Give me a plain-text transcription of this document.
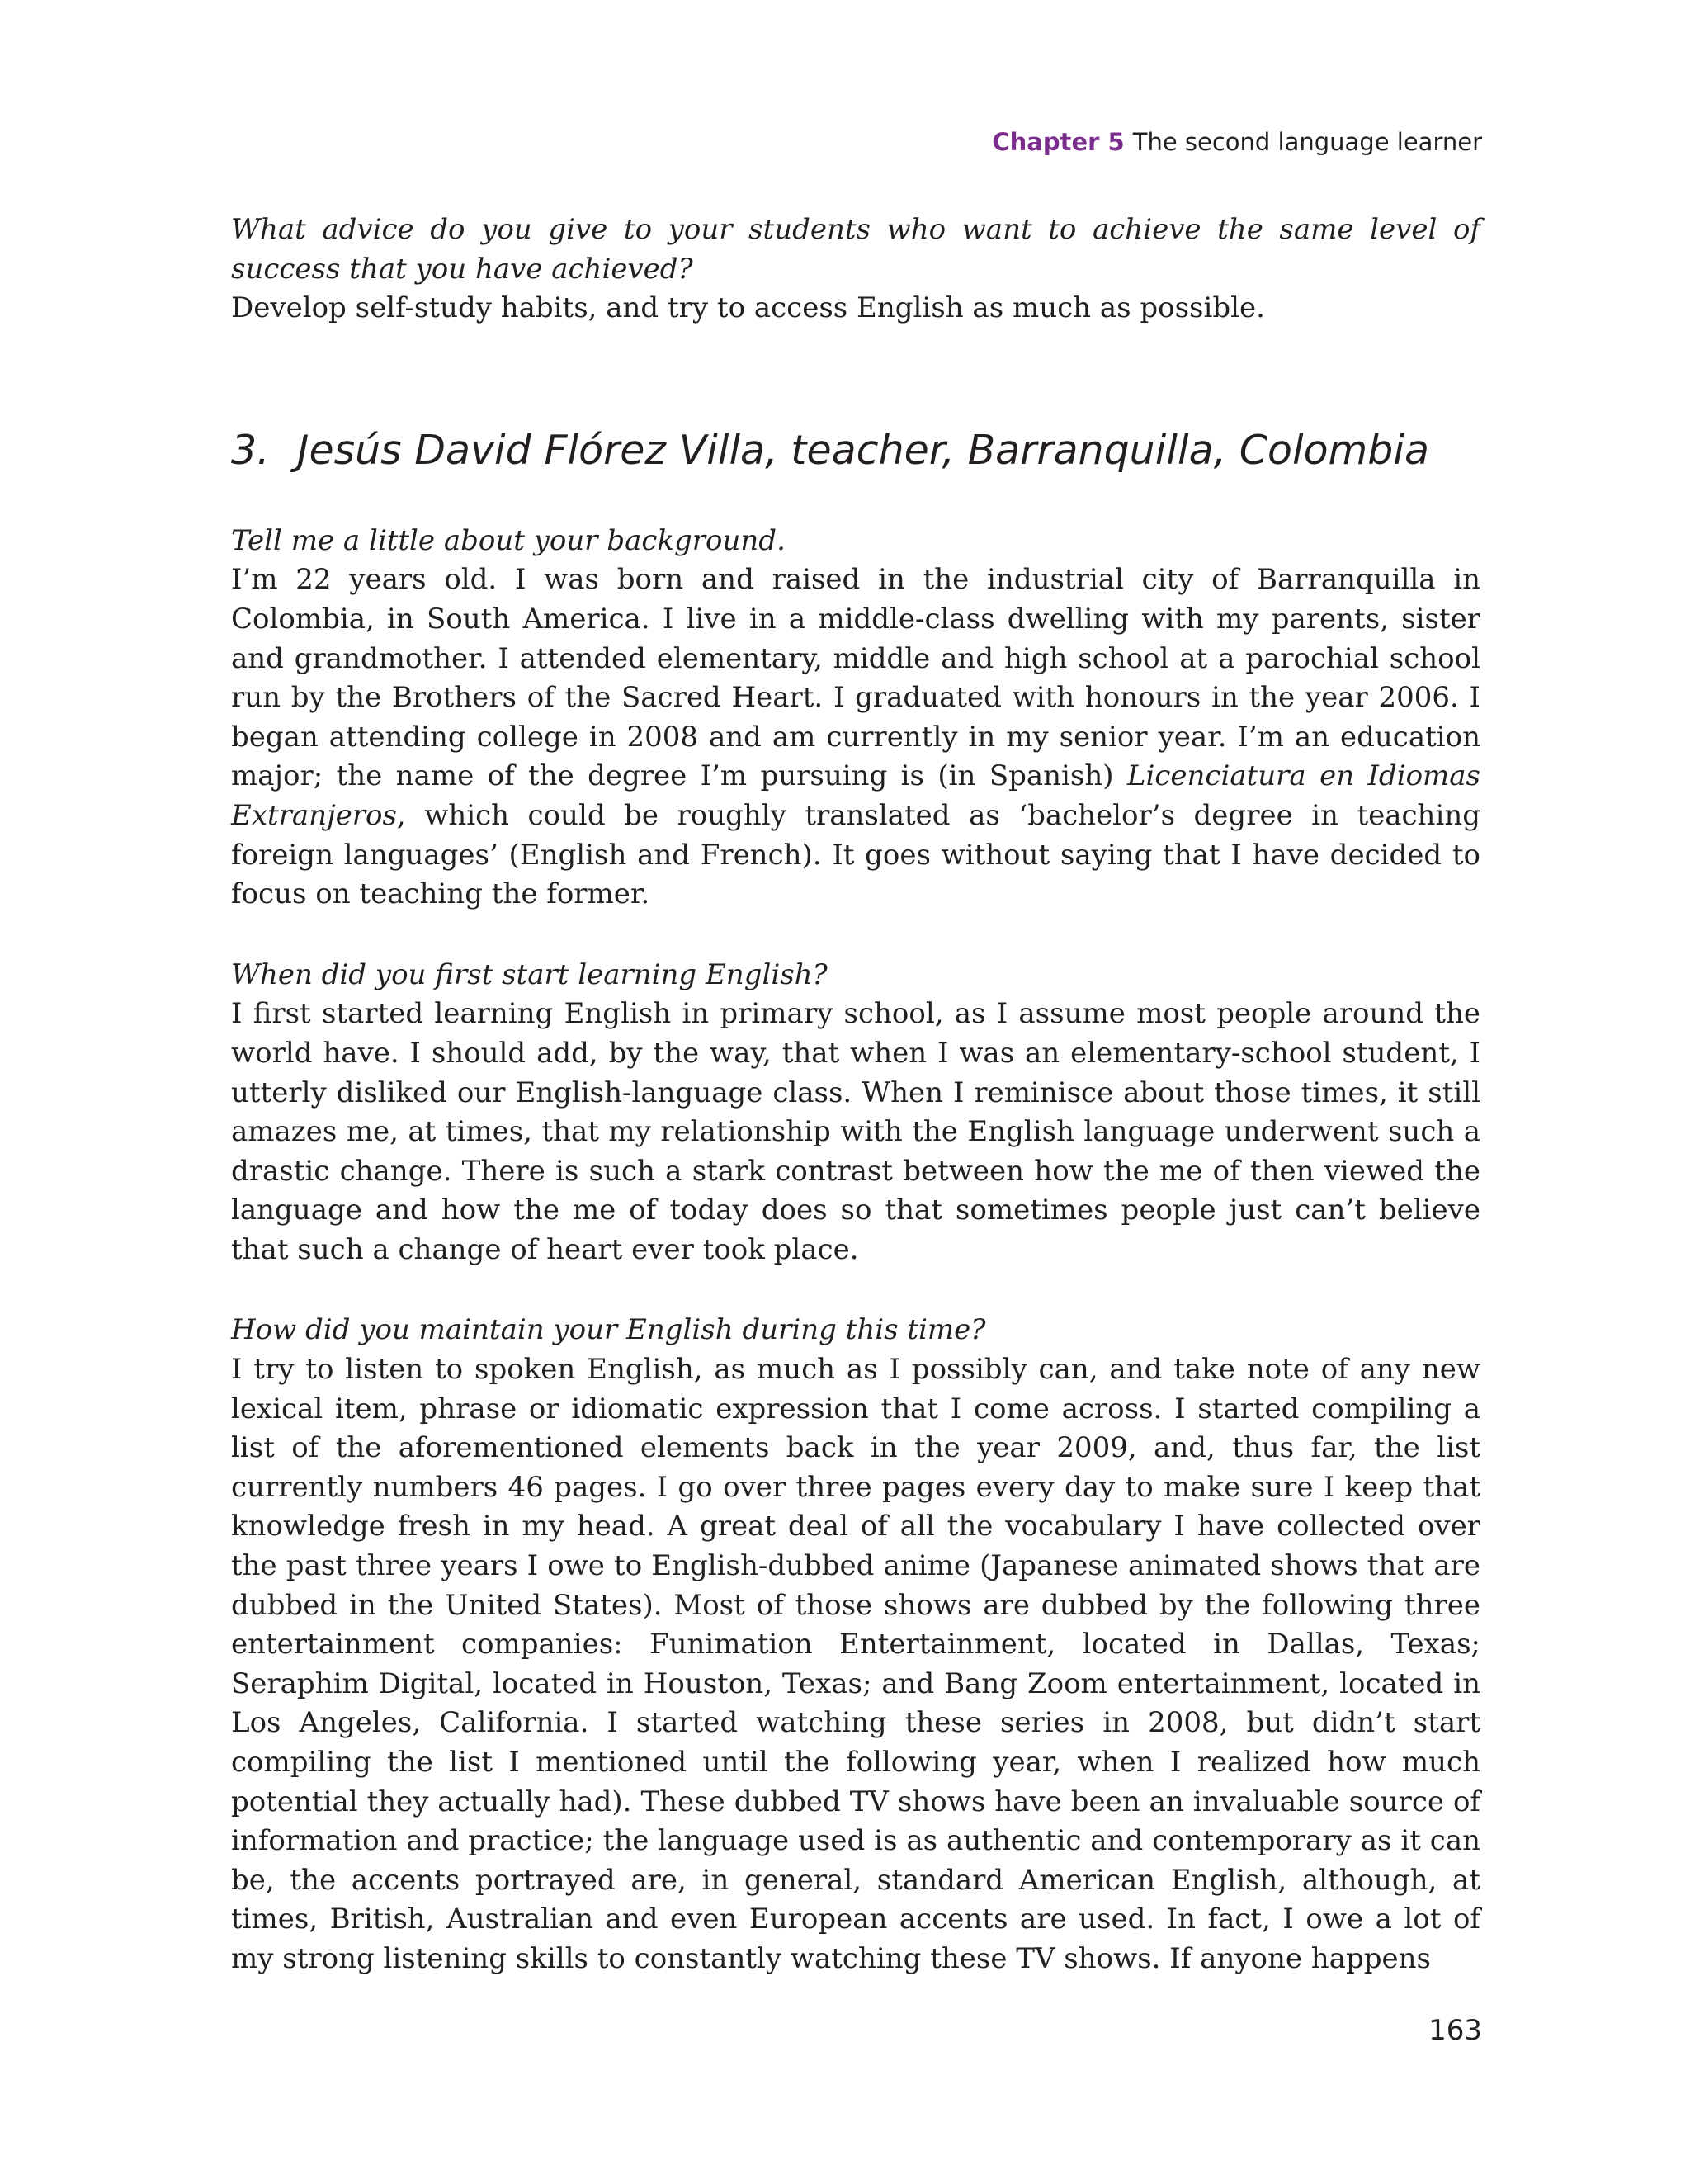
Chapter 5 The second language learner

What advice do you give to your students who want to achieve the same level of success that you have achieved?

Develop self-study habits, and try to access English as much as possible.

3. Jesús David Flórez Villa, teacher, Barranquilla, Colombia

Tell me a little about your background.

I’m 22 years old. I was born and raised in the industrial city of Barranquilla in Colombia, in South America. I live in a middle-class dwelling with my parents, sister and grandmother. I attended elementary, middle and high school at a parochial school run by the Brothers of the Sacred Heart. I graduated with honours in the year 2006. I began attending college in 2008 and am currently in my senior year. I’m an education major; the name of the degree I’m pursuing is (in Spanish) Licenciatura en Idiomas Extranjeros, which could be roughly translated as ‘bachelor’s degree in teaching foreign languages’ (English and French). It goes without saying that I have decided to focus on teaching the former.

When did you first start learning English?

I first started learning English in primary school, as I assume most people around the world have. I should add, by the way, that when I was an elementary-school student, I utterly disliked our English-language class. When I reminisce about those times, it still amazes me, at times, that my relationship with the English language underwent such a drastic change. There is such a stark contrast between how the me of then viewed the language and how the me of today does so that sometimes people just can’t believe that such a change of heart ever took place.

How did you maintain your English during this time?

I try to listen to spoken English, as much as I possibly can, and take note of any new lexical item, phrase or idiomatic expression that I come across. I started compiling a list of the aforementioned elements back in the year 2009, and, thus far, the list currently numbers 46 pages. I go over three pages every day to make sure I keep that knowledge fresh in my head. A great deal of all the vocabulary I have collected over the past three years I owe to English-dubbed anime (Japanese animated shows that are dubbed in the United States). Most of those shows are dubbed by the following three entertainment companies: Funimation Entertainment, located in Dallas, Texas; Seraphim Digital, located in Houston, Texas; and Bang Zoom entertainment, located in Los Angeles, California. I started watching these series in 2008, but didn’t start compiling the list I mentioned until the following year, when I realized how much potential they actually had). These dubbed TV shows have been an invaluable source of information and practice; the language used is as authentic and contemporary as it can be, the accents portrayed are, in general, standard American English, although, at times, British, Australian and even European accents are used. In fact, I owe a lot of my strong listening skills to constantly watching these TV shows. If anyone happens

163
